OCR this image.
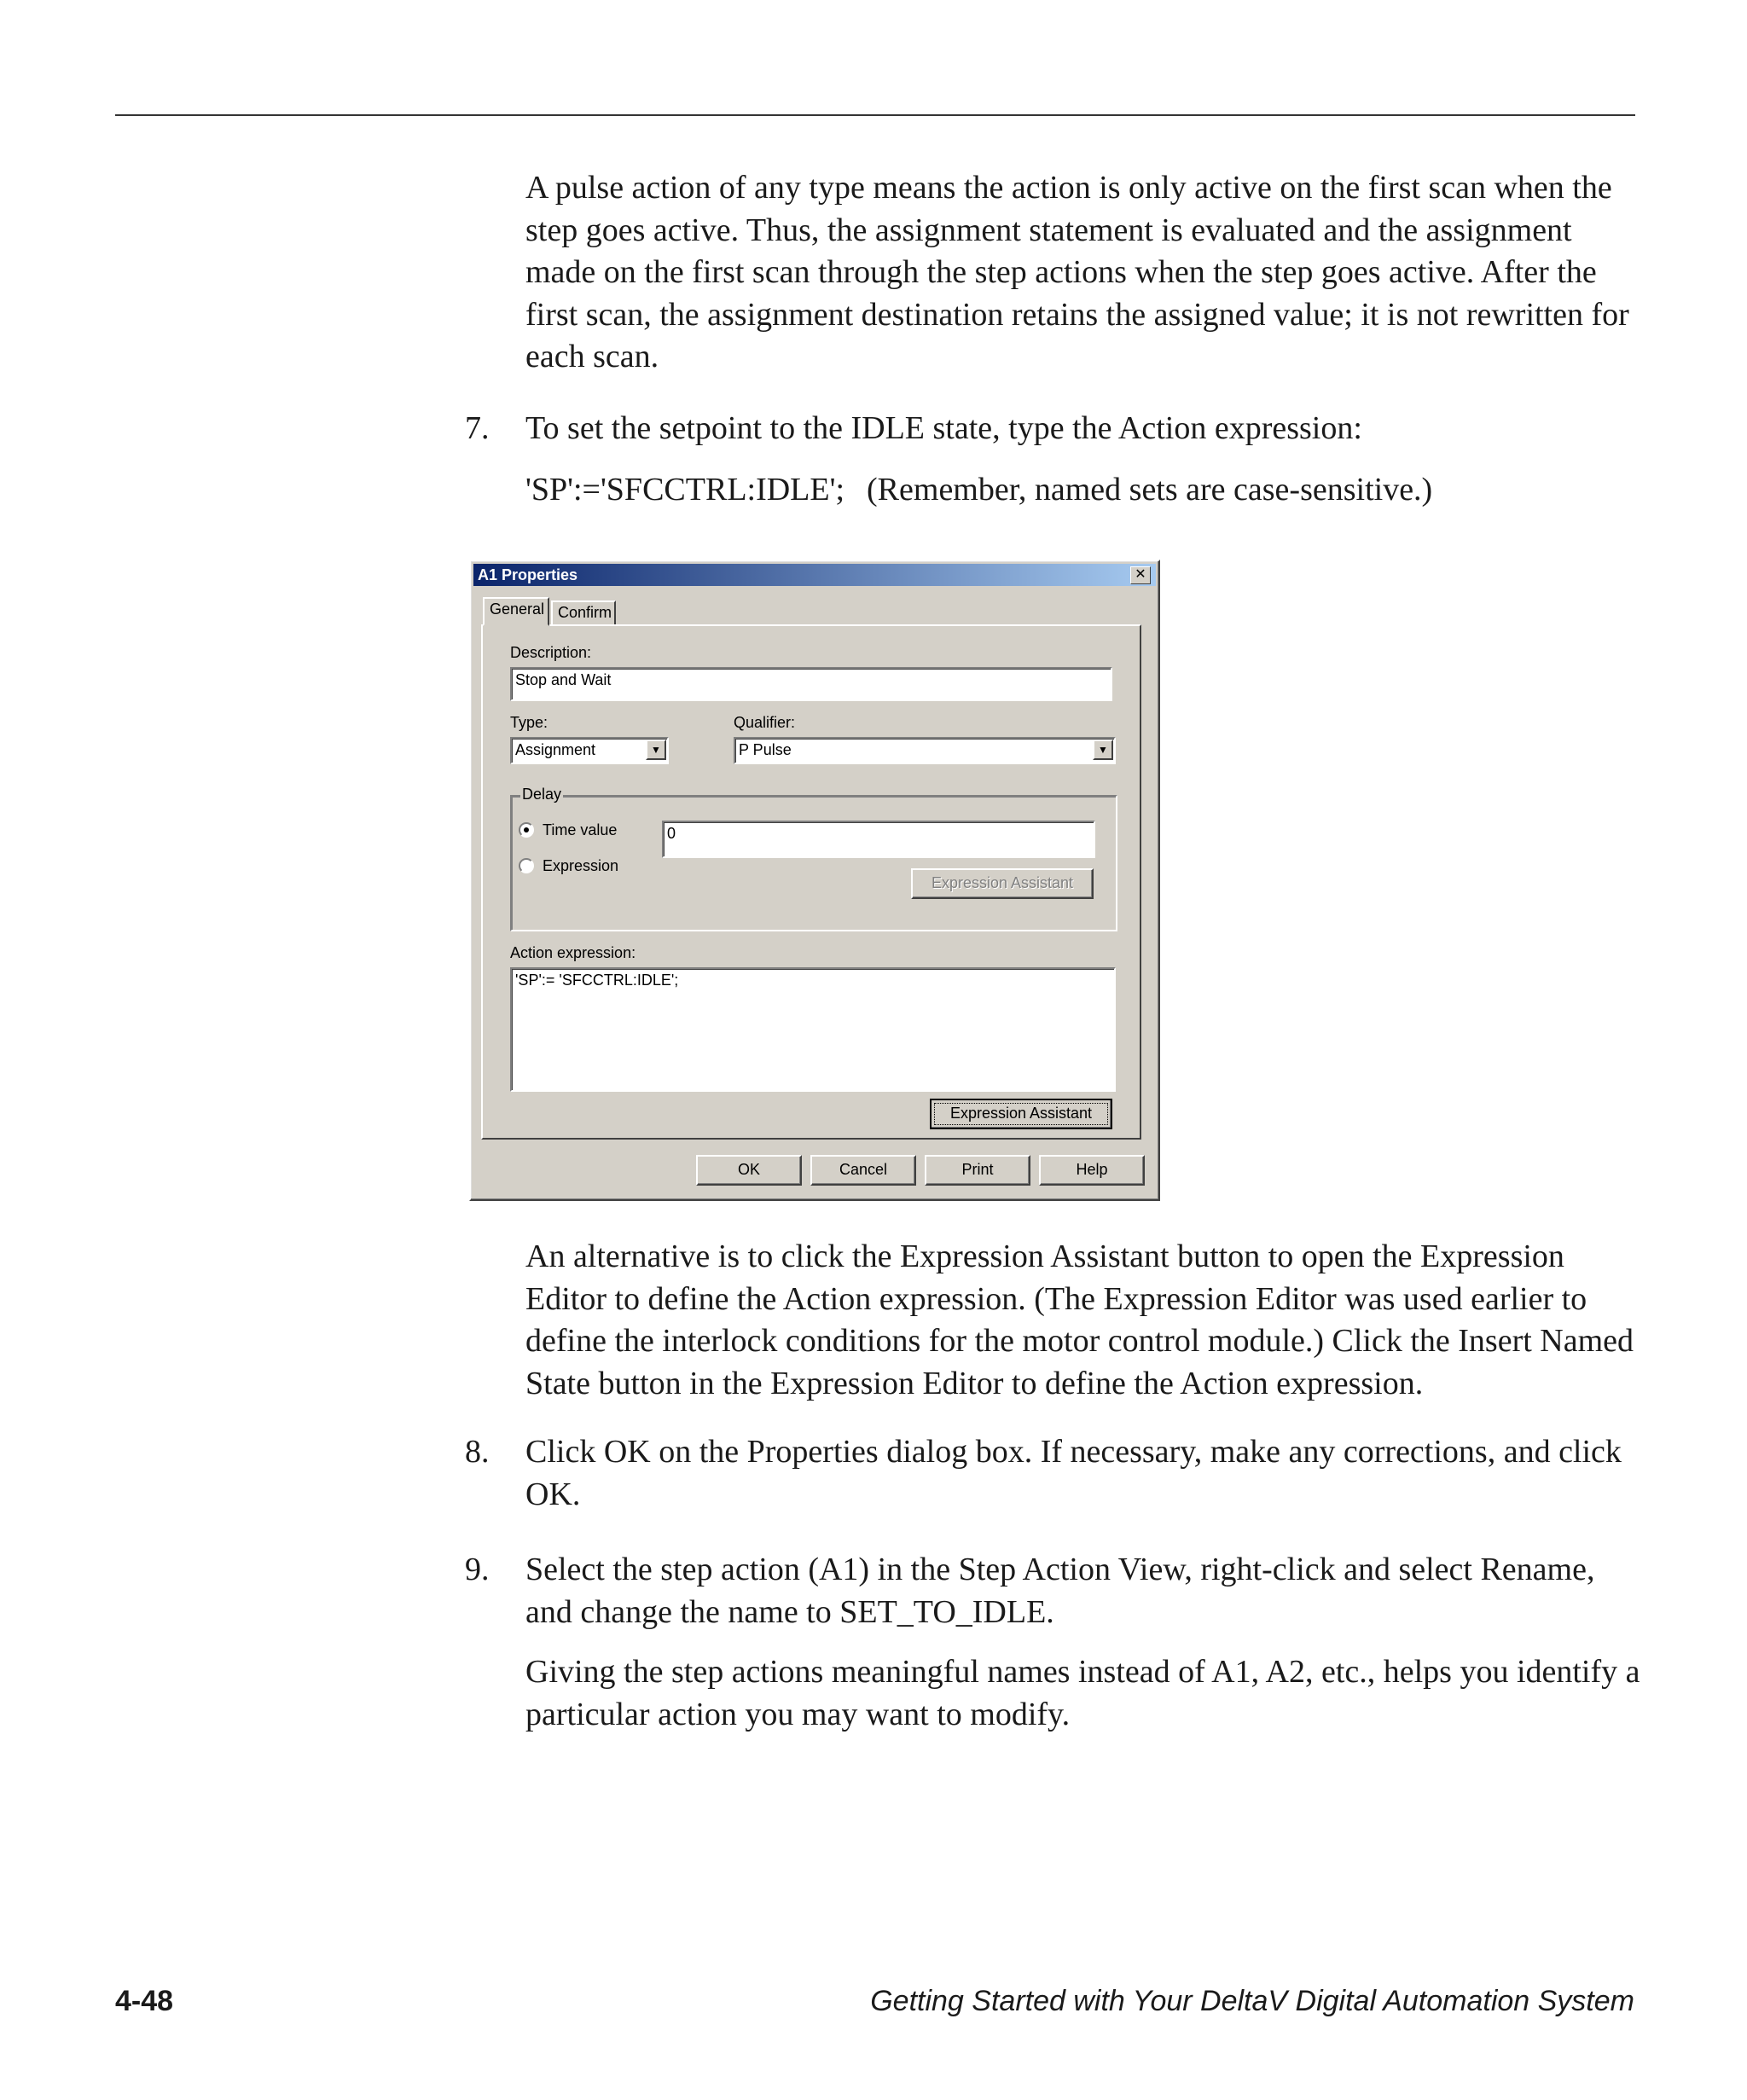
A pulse action of any type means the action is only active on the first scan when the step goes active. Thus, the assignment statement is evaluated and the assignment made on the first scan through the step actions when the step goes active. After the first scan, the assignment destination retains the assigned value; it is not rewritten for each scan.

7. To set the setpoint to the IDLE state, type the Action expression:

'SP':='SFCCTRL:IDLE'; (Remember, named sets are case-sensitive.)

A1 Properties	✕
General Confirm
Description:
Stop and Wait
Type:
Assignment	▼
Qualifier:
P Pulse	▼
Delay
Time value
Expression
0
Expression Assistant
Action expression:
'SP':= 'SFCCTRL:IDLE';
Expression Assistant
OK	Cancel	Print	Help

An alternative is to click the Expression Assistant button to open the Expression Editor to define the Action expression. (The Expression Editor was used earlier to define the interlock conditions for the motor control module.) Click the Insert Named State button in the Expression Editor to define the Action expression.

8. Click OK on the Properties dialog box. If necessary, make any corrections, and click OK.

9. Select the step action (A1) in the Step Action View, right-click and select Rename, and change the name to SET_TO_IDLE.

Giving the step actions meaningful names instead of A1, A2, etc., helps you identify a particular action you may want to modify.

4-48	Getting Started with Your DeltaV Digital Automation System
